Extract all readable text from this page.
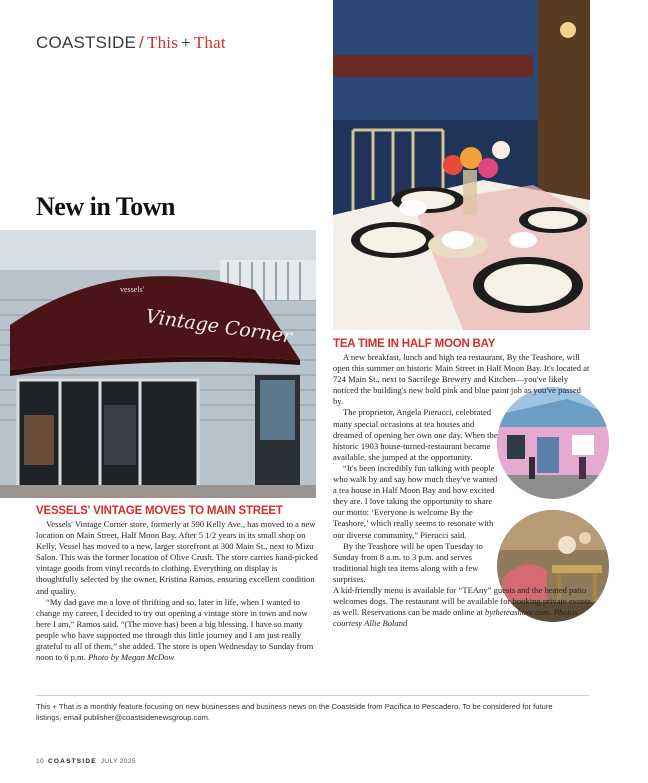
COASTSIDE / This + That
New in Town
vessels'
Vintage Corner
VESSELS' VINTAGE MOVES TO MAIN STREET

Vessels' Vintage Corner store, formerly at 590 Kelly Ave., has moved to a new location on Main Street, Half Moon Bay. After 5 1/2 years in its small shop on Kelly, Vessel has moved to a new, larger storefront at 300 Main St., next to Mizu Salon. This was the former location of Olive Crush. The store carries hand-picked vintage goods from vinyl records to clothing. Everything on display is thoughtfully selected by the owner, Kristina Ramos, ensuring excellent condition and quality.

“My dad gave me a love of thrifting and so, later in life, when I wanted to change my career, I decided to try out opening a vintage store in town and now here I am,” Ramos said. “(The move has) been a big blessing. I have so many people who have supported me through this little journey and I am just really grateful to all of them,” she added. The store is open Wednesday to Sunday from noon to 6 p.m. Photo by Megan McDow

TEA TIME IN HALF MOON BAY

A new breakfast, lunch and high tea restaurant, By the Teashore, will open this summer on historic Main Street in Half Moon Bay. It's located at 724 Main St., next to Sacrilege Brewery and Kitchen—you've likely noticed the building's new bold pink and blue paint job as you've passed by.

The proprietor, Angela Pierucci, celebrated many special occasions at tea houses and dreamed of opening her own one day. When the historic 1903 house-turned-restaurant became available, she jumped at the opportunity.

“It's been incredibly fun talking with people who walk by and say how much they've wanted a tea house in Half Moon Bay and how excited they are. I love taking the opportunity to share our motto: ‘Everyone is welcome By the Teashore,’ which really seems to resonate with our diverse community,” Pierucci said.

By the Teashore will be open Tuesday to Sunday from 8 a.m. to 3 p.m. and serves traditional high tea items along with a few surprises.

A kid-friendly menu is available for “TEAny” guests and the heated patio welcomes dogs. The restaurant will be available for booking private events as well. Reservations can be made online at bytheteashore.com. Photos courtesy Allie Boland

This + That is a monthly feature focusing on new businesses and business news on the Coastside from Pacifica to Pescadero. To be considered for future listings, email publisher@coastsidenewsgroup.com.
10 COASTSIDE JULY 2025
